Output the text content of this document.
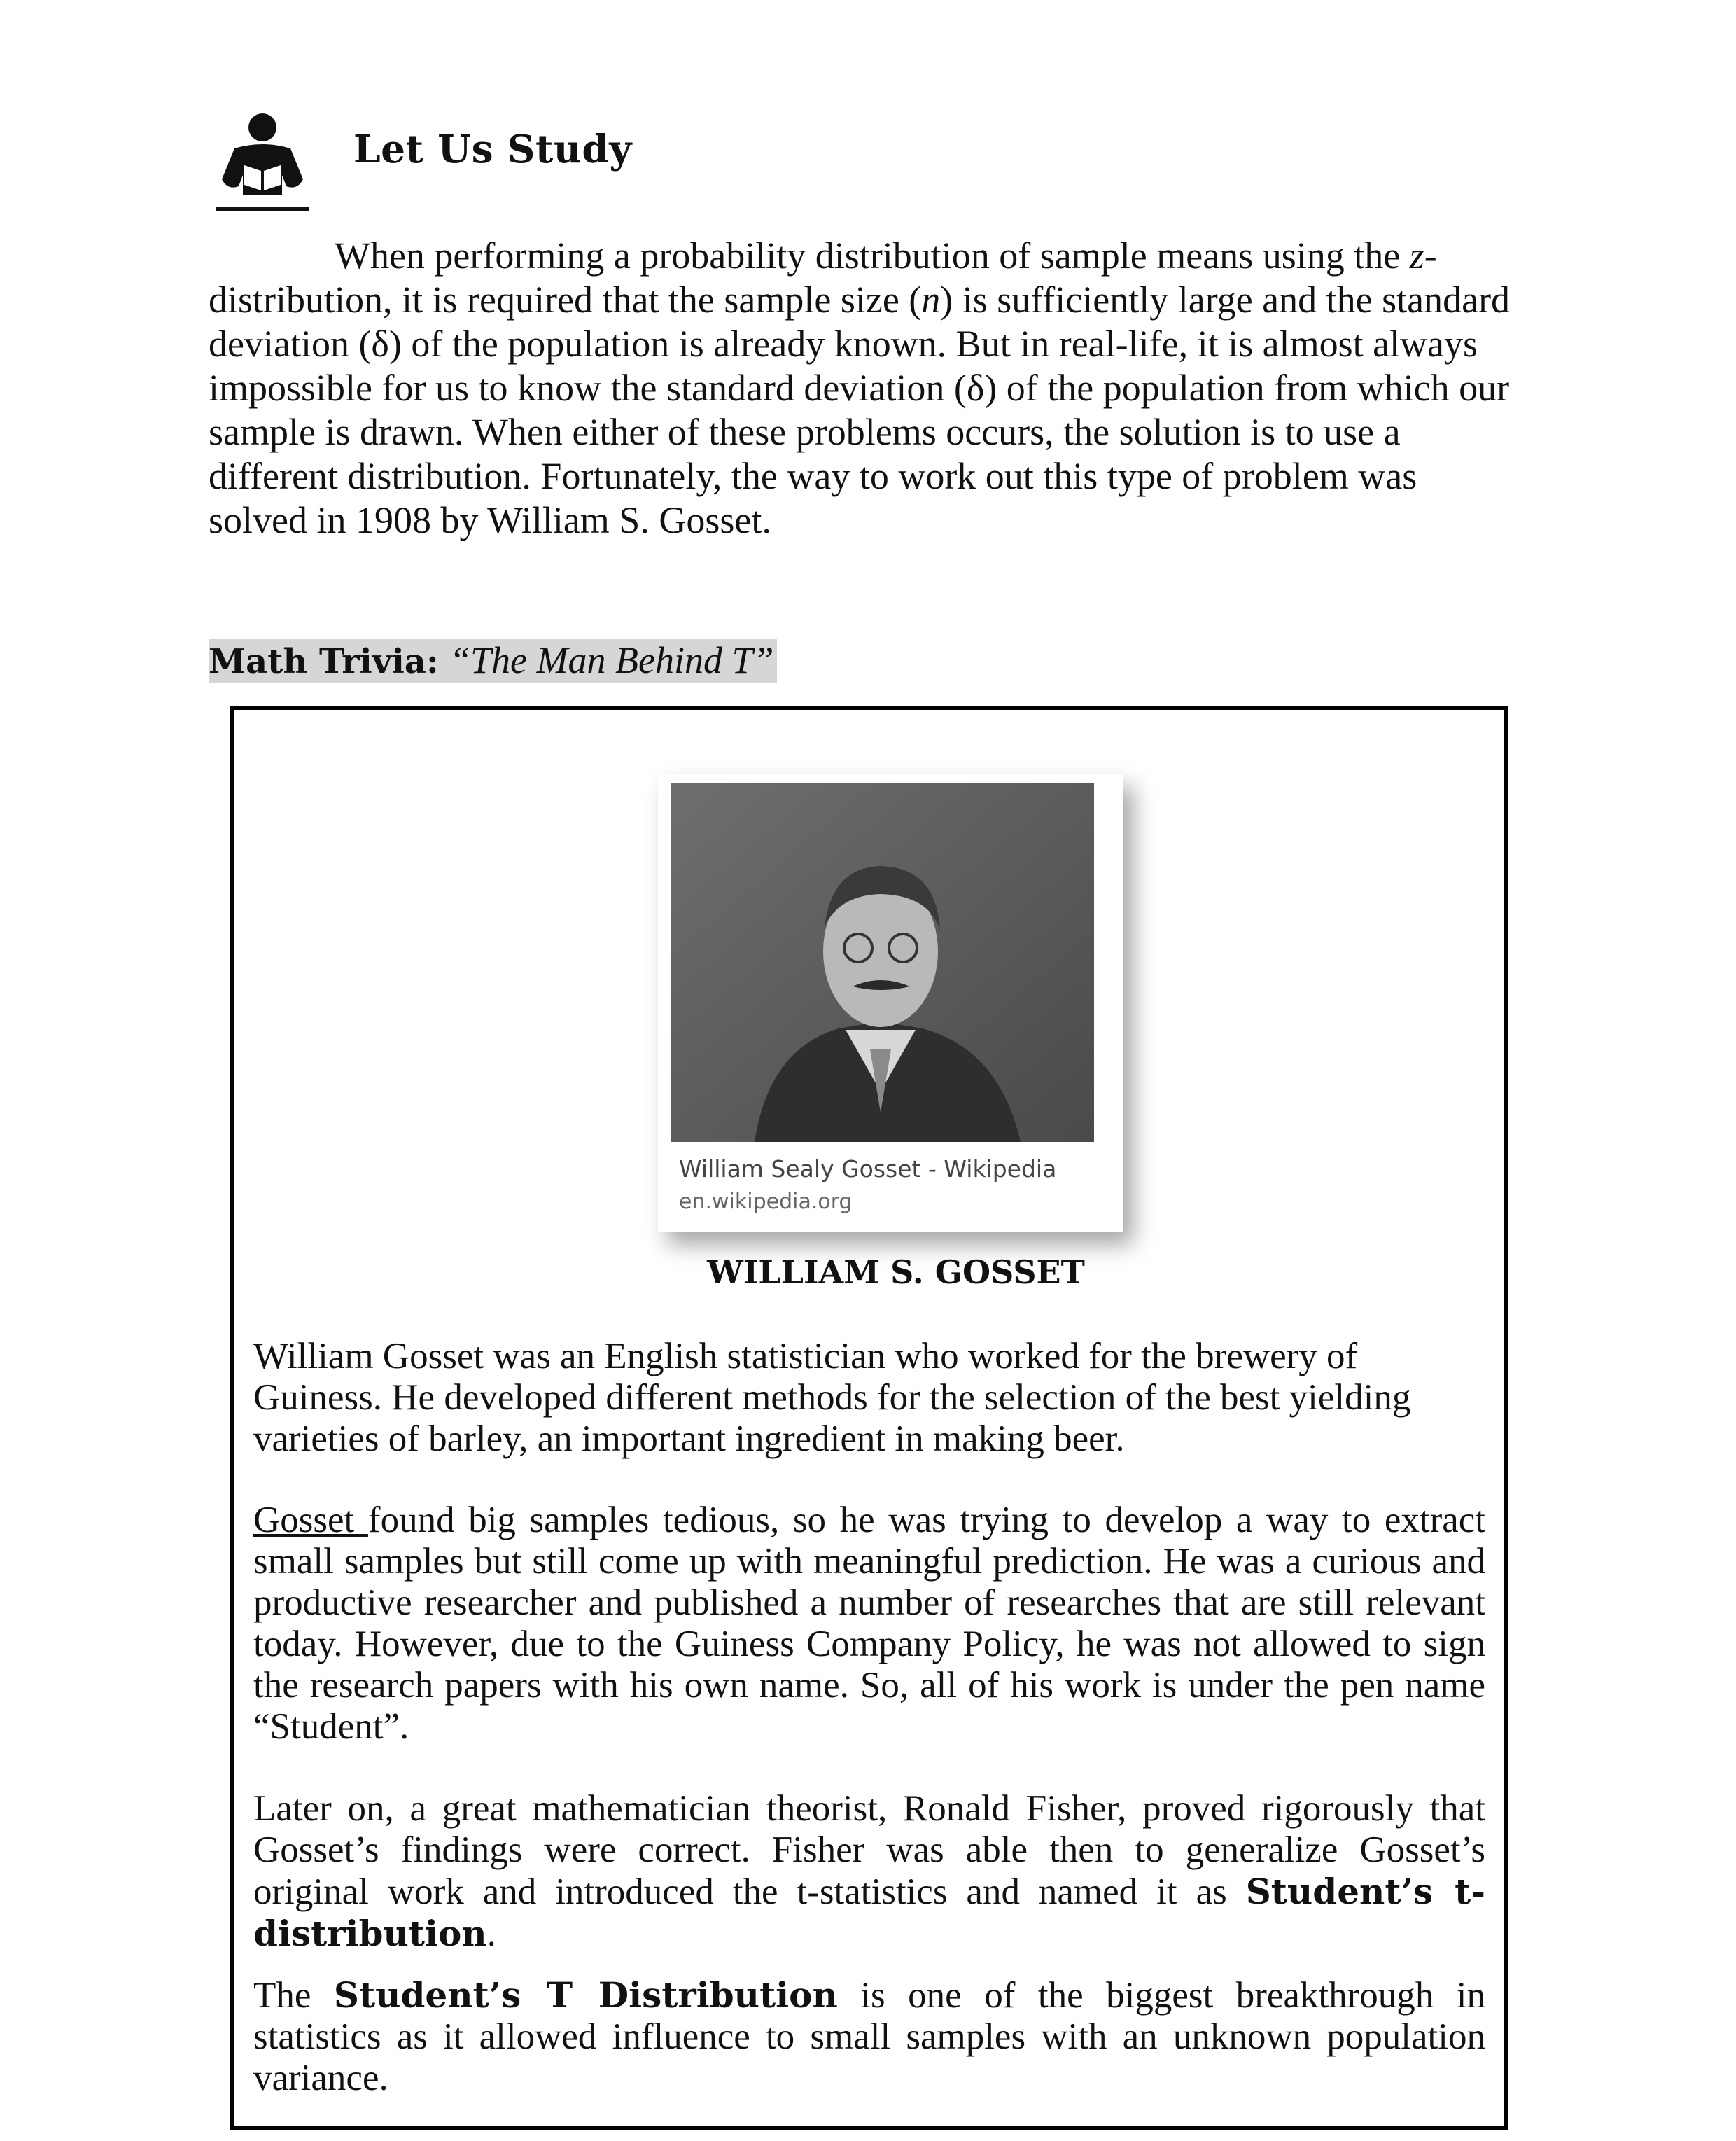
Let Us Study

When performing a probability distribution of sample means using the z-distribution, it is required that the sample size (n) is sufficiently large and the standard deviation (δ) of the population is already known. But in real-life, it is almost always impossible for us to know the standard deviation (δ) of the population from which our sample is drawn. When either of these problems occurs, the solution is to use a different distribution. Fortunately, the way to work out this type of problem was solved in 1908 by William S. Gosset.

Math Trivia: “The Man Behind T”
William Sealy Gosset - Wikipedia
en.wikipedia.org
WILLIAM S. GOSSET

William Gosset was an English statistician who worked for the brewery of Guiness. He developed different methods for the selection of the best yielding varieties of barley, an important ingredient in making beer.

Gosset found big samples tedious, so he was trying to develop a way to extract small samples but still come up with meaningful prediction. He was a curious and productive researcher and published a number of researches that are still relevant today. However, due to the Guiness Company Policy, he was not allowed to sign the research papers with his own name. So, all of his work is under the pen name “Student”.

Later on, a great mathematician theorist, Ronald Fisher, proved rigorously that Gosset’s findings were correct. Fisher was able then to generalize Gosset’s original work and introduced the t-statistics and named it as Student’s t-distribution.

The Student’s T Distribution is one of the biggest breakthrough in statistics as it allowed influence to small samples with an unknown population variance.
